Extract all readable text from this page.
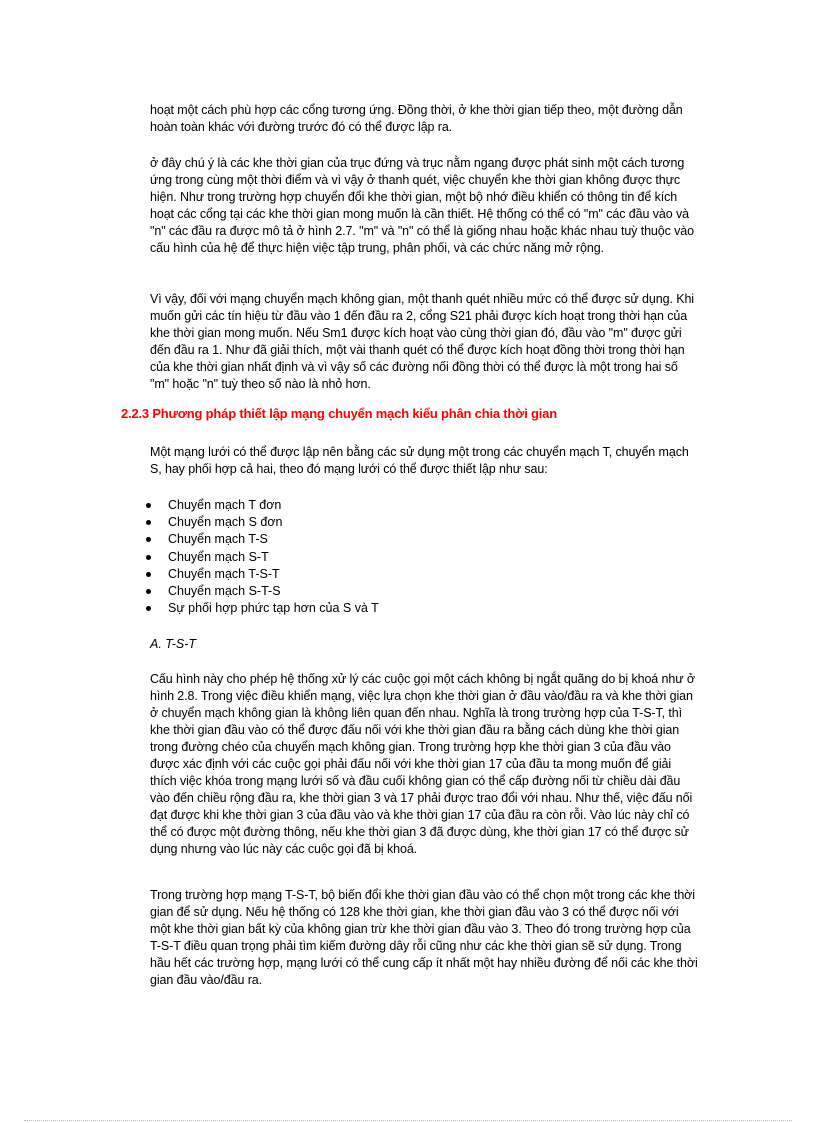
hoạt một cách phù hợp các cổng tương ứng. Đồng thời, ở khe thời gian tiếp theo, một đường dẫn hoàn toàn khác với đường trước đó có thể được lập ra.

ở đây chú ý là các khe thời gian của trục đứng và trục nằm ngang được phát sinh một cách tương ứng trong cùng một thời điểm và vì vậy ở thanh quét, việc chuyển khe thời gian không được thực hiện. Như trong trường hợp chuyển đổi khe thời gian, một bộ nhớ điều khiển có thông tin để kích hoạt các cổng tại các khe thời gian mong muốn là cần thiết. Hệ thống có thể có "m" các đầu vào và "n" các đầu ra được mô tả ở hình 2.7. "m" và "n" có thể là giống nhau hoặc khác nhau tuỳ thuộc vào cấu hình của hệ để thực hiện việc tập trung, phân phối, và các chức năng mở rộng.

Vì vậy, đối với mạng chuyển mạch không gian, một thanh quét nhiều mức có thể được sử dụng. Khi muốn gửi các tín hiệu từ đầu vào 1 đến đầu ra 2, cổng S21 phải được kích hoạt trong thời hạn của khe thời gian mong muốn. Nếu Sm1 được kích hoạt vào cùng thời gian đó, đầu vào "m" được gửi đến đầu ra 1. Như đã giải thích, một vài thanh quét có thể được kích hoạt đồng thời trong thời hạn của khe thời gian nhất định và vì vậy số các đường nối đồng thời có thể được là một trong hai số "m" hoặc "n" tuỳ theo số nào là nhỏ hơn.

2.2.3 Phương pháp thiết lập mạng chuyển mạch kiểu phân chia thời gian

Một mạng lưới có thể được lập nên bằng các sử dụng một trong các chuyển mạch T, chuyển mạch S, hay phối hợp cả hai, theo đó mạng lưới có thể được thiết lập như sau:

Chuyển mạch T đơn
Chuyển mạch S đơn
Chuyển mạch T-S
Chuyển mạch S-T
Chuyển mạch T-S-T
Chuyển mạch S-T-S
Sự phối hợp phức tạp hơn của S và T

A. T-S-T

Cấu hình này cho phép hệ thống xử lý các cuộc gọi một cách không bị ngắt quãng do bị khoá như ở hình 2.8. Trong việc điều khiển mạng, việc lựa chọn khe thời gian ở đầu vào/đầu ra và khe thời gian ở chuyển mạch không gian là không liên quan đến nhau. Nghĩa là trong trường hợp của T-S-T, thì khe thời gian đầu vào có thể được đấu nối với khe thời gian đầu ra bằng cách dùng khe thời gian trong đường chéo của chuyển mạch không gian. Trong trường hợp khe thời gian 3 của đầu vào được xác định với các cuộc gọi phải đấu nối với khe thời gian 17 của đầu ta mong muốn để giải thích việc khóa trong mạng lưới số và đầu cuối không gian có thể cấp đường nối từ chiều dài đầu vào đến chiều rộng đầu ra, khe thời gian 3 và 17 phải được trao đổi với nhau. Như thế, việc đấu nối đạt được khi khe thời gian 3 của đầu vào và khe thời gian 17 của đầu ra còn rỗi. Vào lúc này chỉ có thể có được một đường thông, nếu khe thời gian 3 đã được dùng, khe thời gian 17 có thể được sử dụng nhưng vào lúc này các cuộc gọi đã bị khoá.

Trong trường hợp mạng T-S-T, bộ biến đổi khe thời gian đầu vào có thể chọn một trong các khe thời gian để sử dụng. Nếu hệ thống có 128 khe thời gian, khe thời gian đầu vào 3 có thể được nối với một khe thời gian bất kỳ của không gian trừ khe thời gian đầu vào 3. Theo đó trong trường hợp của T-S-T điều quan trọng phải tìm kiếm đường dây rỗi cũng như các khe thời gian sẽ sử dụng. Trong hầu hết các trường hợp, mạng lưới có thể cung cấp ít nhất một hay nhiều đường để nối các khe thời gian đầu vào/đầu ra.
